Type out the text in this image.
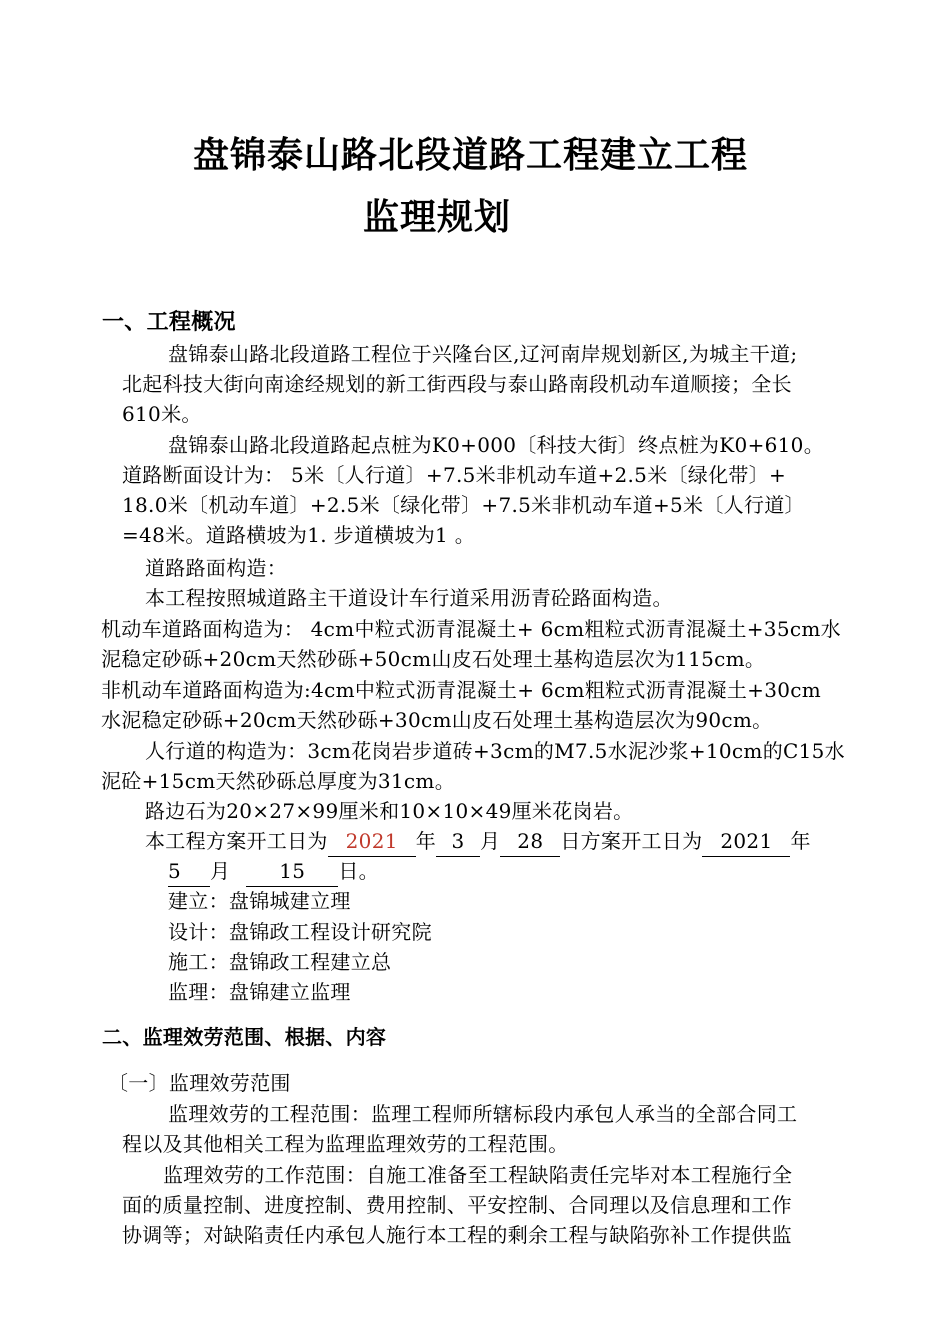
盘锦泰山路北段道路工程建立工程
监理规划
一、工程概况
盘锦泰山路北段道路工程位于兴隆台区,辽河南岸规划新区,为城主干道;
北起科技大街向南途经规划的新工街西段与泰山路南段机动车道顺接；全长
610米。
盘锦泰山路北段道路起点桩为K0+000〔科技大街〕终点桩为K0+610。
道路断面设计为： 5米〔人行道〕+7.5米非机动车道+2.5米〔绿化带〕+
18.0米〔机动车道〕+2.5米〔绿化带〕+7.5米非机动车道+5米〔人行道〕
=48米。道路横坡为1. 步道横坡为1 。
道路路面构造：
本工程按照城道路主干道设计车行道采用沥青砼路面构造。
机动车道路面构造为： 4cm中粒式沥青混凝土+ 6cm粗粒式沥青混凝土+35cm水
泥稳定砂砾+20cm天然砂砾+50cm山皮石处理土基构造层次为115cm。
非机动车道路面构造为:4cm中粒式沥青混凝土+ 6cm粗粒式沥青混凝土+30cm
水泥稳定砂砾+20cm天然砂砾+30cm山皮石处理土基构造层次为90cm。
人行道的构造为：3cm花岗岩步道砖+3cm的M7.5水泥沙浆+10cm的C15水
泥砼+15cm天然砂砾总厚度为31cm。
路边石为20×27×99厘米和10×10×49厘米花岗岩。
本工程方案开工日为 2021 年 3 月 28 日方案开工日为 2021 年
5 月 15 日。
建立：盘锦城建立理
设计：盘锦政工程设计研究院
施工：盘锦政工程建立总
监理：盘锦建立监理
二、监理效劳范围、根据、内容
〔一〕监理效劳范围
监理效劳的工程范围：监理工程师所辖标段内承包人承当的全部合同工
程以及其他相关工程为监理监理效劳的工程范围。
监理效劳的工作范围：自施工准备至工程缺陷责任完毕对本工程施行全
面的质量控制、进度控制、费用控制、平安控制、合同理以及信息理和工作
协调等；对缺陷责任内承包人施行本工程的剩余工程与缺陷弥补工作提供监
